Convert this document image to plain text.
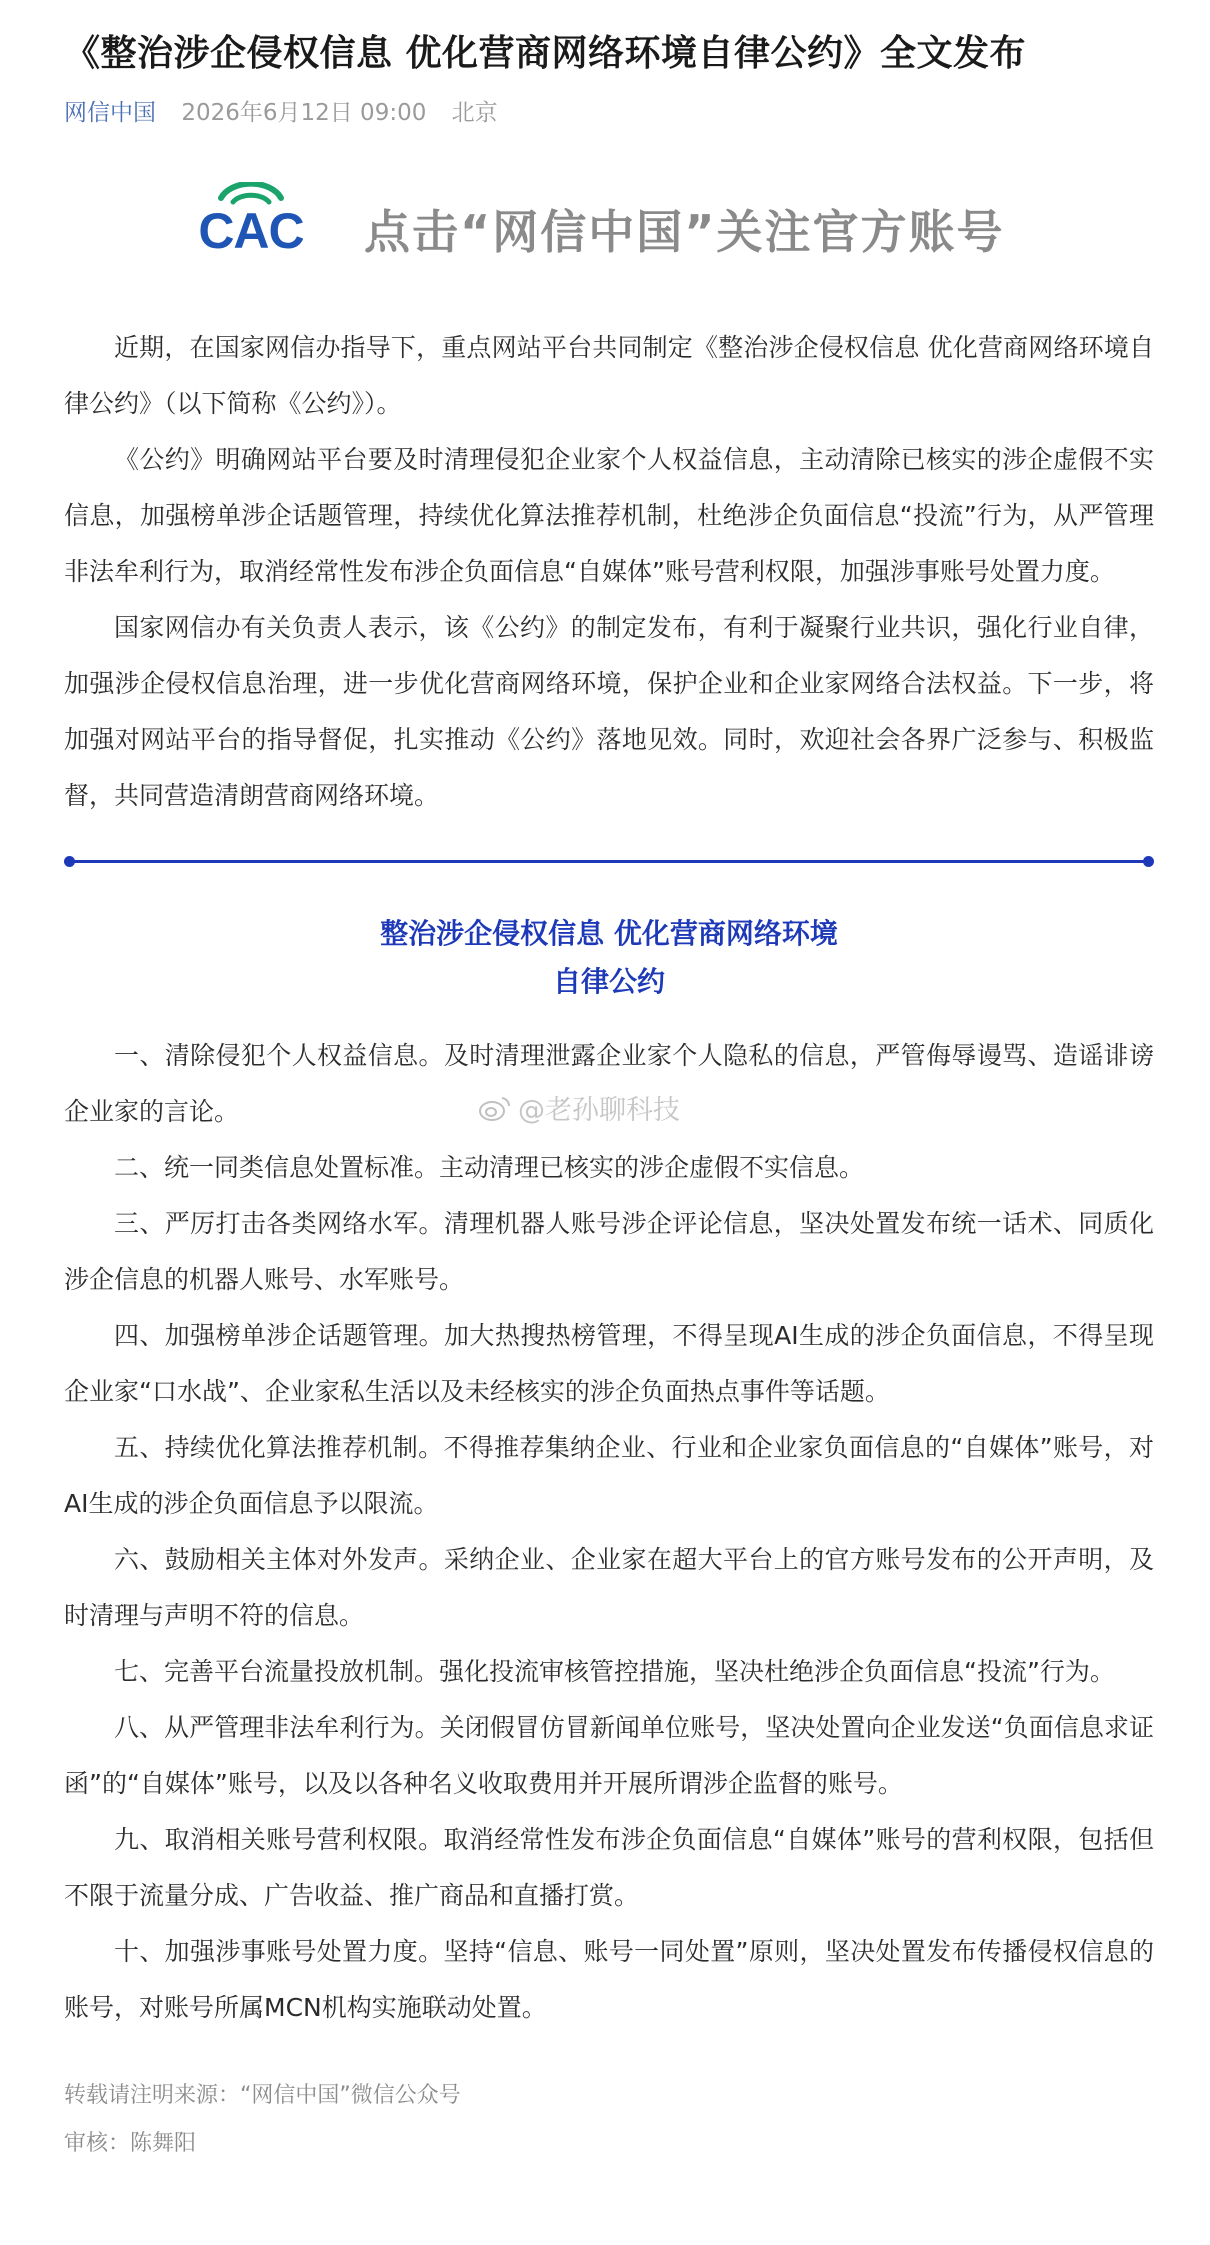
《整治涉企侵权信息 优化营商网络环境自律公约》全文发布
网信中国 2026年6月12日 09:00 北京
CAC 点击“网信中国”关注官方账号

近期，在国家网信办指导下，重点网站平台共同制定《整治涉企侵权信息 优化营商网络环境自律公约》（以下简称《公约》）。

《公约》明确网站平台要及时清理侵犯企业家个人权益信息，主动清除已核实的涉企虚假不实信息，加强榜单涉企话题管理，持续优化算法推荐机制，杜绝涉企负面信息“投流”行为，从严管理非法牟利行为，取消经常性发布涉企负面信息“自媒体”账号营利权限，加强涉事账号处置力度。

国家网信办有关负责人表示，该《公约》的制定发布，有利于凝聚行业共识，强化行业自律，加强涉企侵权信息治理，进一步优化营商网络环境，保护企业和企业家网络合法权益。下一步，将加强对网站平台的指导督促，扎实推动《公约》落地见效。同时，欢迎社会各界广泛参与、积极监督，共同营造清朗营商网络环境。

整治涉企侵权信息 优化营商网络环境
自律公约

一、清除侵犯个人权益信息。及时清理泄露企业家个人隐私的信息，严管侮辱谩骂、造谣诽谤企业家的言论。

二、统一同类信息处置标准。主动清理已核实的涉企虚假不实信息。

三、严厉打击各类网络水军。清理机器人账号涉企评论信息，坚决处置发布统一话术、同质化涉企信息的机器人账号、水军账号。

四、加强榜单涉企话题管理。加大热搜热榜管理，不得呈现AI生成的涉企负面信息，不得呈现企业家“口水战”、企业家私生活以及未经核实的涉企负面热点事件等话题。

五、持续优化算法推荐机制。不得推荐集纳企业、行业和企业家负面信息的“自媒体”账号，对AI生成的涉企负面信息予以限流。

六、鼓励相关主体对外发声。采纳企业、企业家在超大平台上的官方账号发布的公开声明，及时清理与声明不符的信息。

七、完善平台流量投放机制。强化投流审核管控措施，坚决杜绝涉企负面信息“投流”行为。

八、从严管理非法牟利行为。关闭假冒仿冒新闻单位账号，坚决处置向企业发送“负面信息求证函”的“自媒体”账号，以及以各种名义收取费用并开展所谓涉企监督的账号。

九、取消相关账号营利权限。取消经常性发布涉企负面信息“自媒体”账号的营利权限，包括但不限于流量分成、广告收益、推广商品和直播打赏。

十、加强涉事账号处置力度。坚持“信息、账号一同处置”原则，坚决处置发布传播侵权信息的账号，对账号所属MCN机构实施联动处置。

转载请注明来源：“网信中国”微信公众号
审核：陈舞阳
@老孙聊科技
